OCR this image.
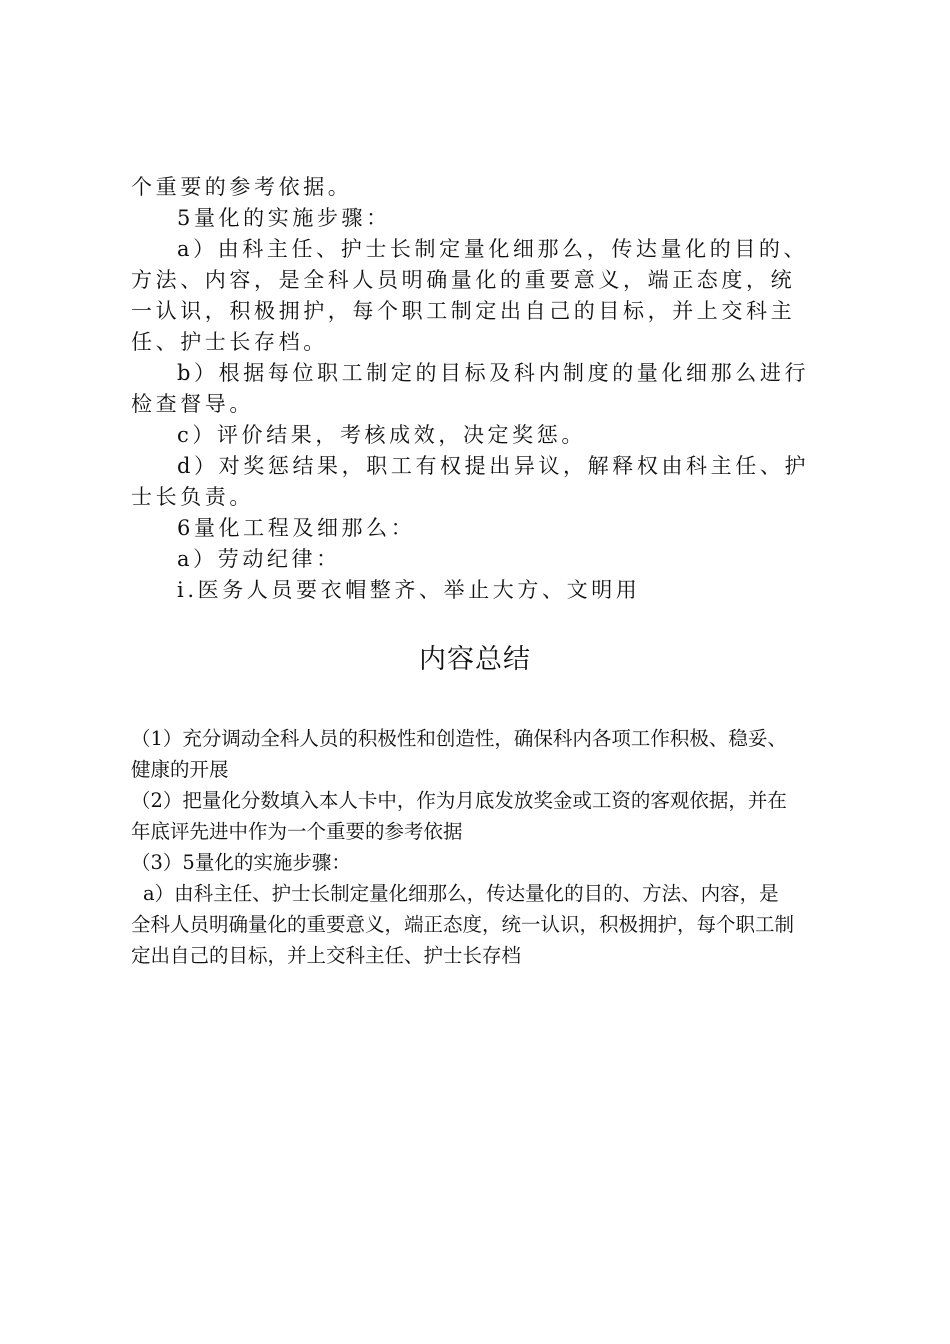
个重要的参考依据。

5量化的实施步骤：

a）由科主任、护士长制定量化细那么，传达量化的目的、

方法、内容，是全科人员明确量化的重要意义，端正态度，统

一认识，积极拥护，每个职工制定出自己的目标，并上交科主

任、护士长存档。

b）根据每位职工制定的目标及科内制度的量化细那么进行

检查督导。

c）评价结果，考核成效，决定奖惩。

d）对奖惩结果，职工有权提出异议，解释权由科主任、护

士长负责。

6量化工程及细那么：

a）劳动纪律：

i.医务人员要衣帽整齐、举止大方、文明用

内容总结

（1）充分调动全科人员的积极性和创造性，确保科内各项工作积极、稳妥、

健康的开展

（2）把量化分数填入本人卡中，作为月底发放奖金或工资的客观依据，并在

年底评先进中作为一个重要的参考依据

（3）5量化的实施步骤：

a）由科主任、护士长制定量化细那么，传达量化的目的、方法、内容，是

全科人员明确量化的重要意义，端正态度，统一认识，积极拥护，每个职工制

定出自己的目标，并上交科主任、护士长存档
